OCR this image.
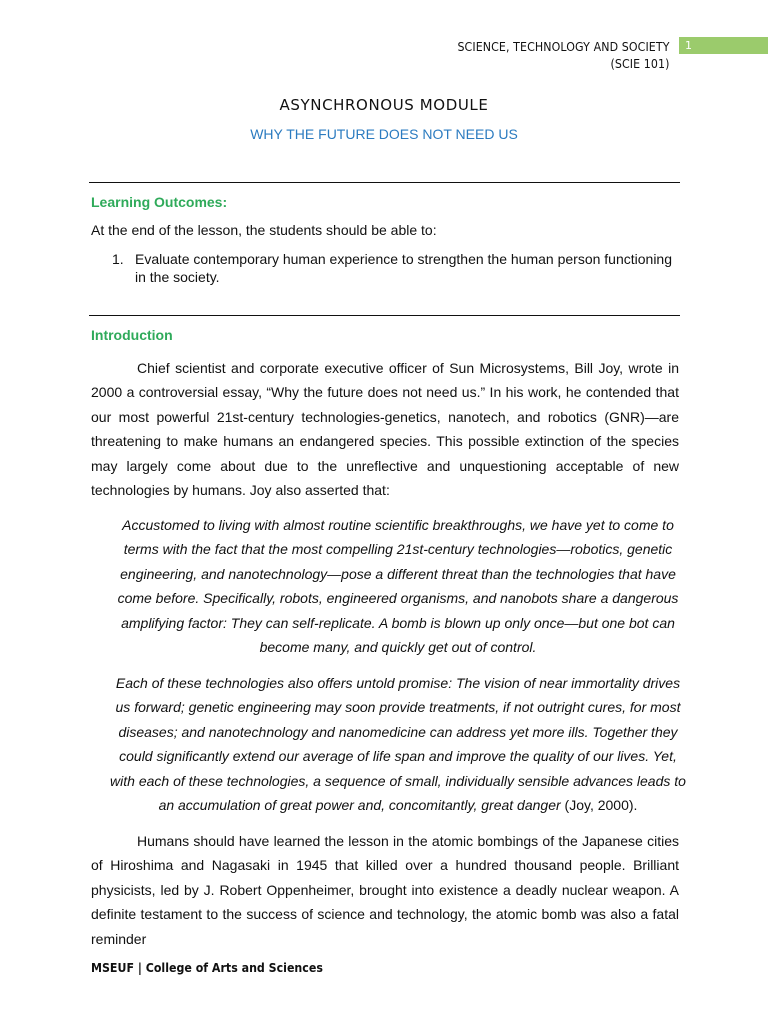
SCIENCE, TECHNOLOGY AND SOCIETY
(SCIE 101)
1
ASYNCHRONOUS MODULE
WHY THE FUTURE DOES NOT NEED US
Learning Outcomes:
At the end of the lesson, the students should be able to:
1. Evaluate contemporary human experience to strengthen the human person functioning in the society.
Introduction
Chief scientist and corporate executive officer of Sun Microsystems, Bill Joy, wrote in 2000 a controversial essay, “Why the future does not need us.” In his work, he contended that our most powerful 21st-century technologies-genetics, nanotech, and robotics (GNR)—are threatening to make humans an endangered species. This possible extinction of the species may largely come about due to the unreflective and unquestioning acceptable of new technologies by humans. Joy also asserted that:
Accustomed to living with almost routine scientific breakthroughs, we have yet to come to terms with the fact that the most compelling 21st-century technologies—robotics, genetic engineering, and nanotechnology—pose a different threat than the technologies that have come before. Specifically, robots, engineered organisms, and nanobots share a dangerous amplifying factor: They can self-replicate. A bomb is blown up only once—but one bot can become many, and quickly get out of control.
Each of these technologies also offers untold promise: The vision of near immortality drives us forward; genetic engineering may soon provide treatments, if not outright cures, for most diseases; and nanotechnology and nanomedicine can address yet more ills. Together they could significantly extend our average of life span and improve the quality of our lives. Yet, with each of these technologies, a sequence of small, individually sensible advances leads to an accumulation of great power and, concomitantly, great danger (Joy, 2000).
Humans should have learned the lesson in the atomic bombings of the Japanese cities of Hiroshima and Nagasaki in 1945 that killed over a hundred thousand people. Brilliant physicists, led by J. Robert Oppenheimer, brought into existence a deadly nuclear weapon. A definite testament to the success of science and technology, the atomic bomb was also a fatal reminder
MSEUF | College of Arts and Sciences
